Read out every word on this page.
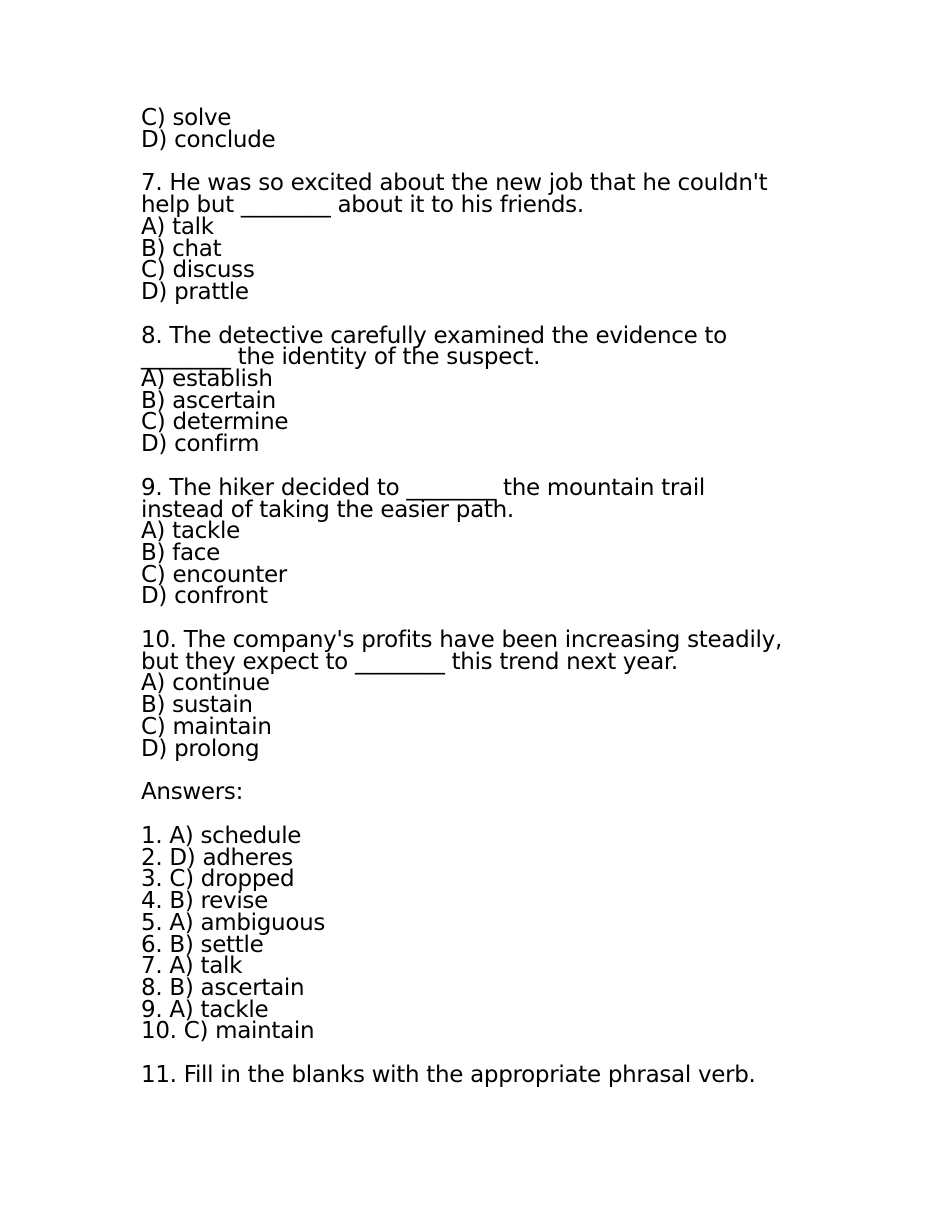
C) solve
D) conclude
7. He was so excited about the new job that he couldn't
help but ________ about it to his friends.
A) talk
B) chat
C) discuss
D) prattle
8. The detective carefully examined the evidence to
________ the identity of the suspect.
A) establish
B) ascertain
C) determine
D) confirm
9. The hiker decided to ________ the mountain trail
instead of taking the easier path.
A) tackle
B) face
C) encounter
D) confront
10. The company's profits have been increasing steadily,
but they expect to ________ this trend next year.
A) continue
B) sustain
C) maintain
D) prolong
Answers:
1. A) schedule
2. D) adheres
3. C) dropped
4. B) revise
5. A) ambiguous
6. B) settle
7. A) talk
8. B) ascertain
9. A) tackle
10. C) maintain
11. Fill in the blanks with the appropriate phrasal verb.
